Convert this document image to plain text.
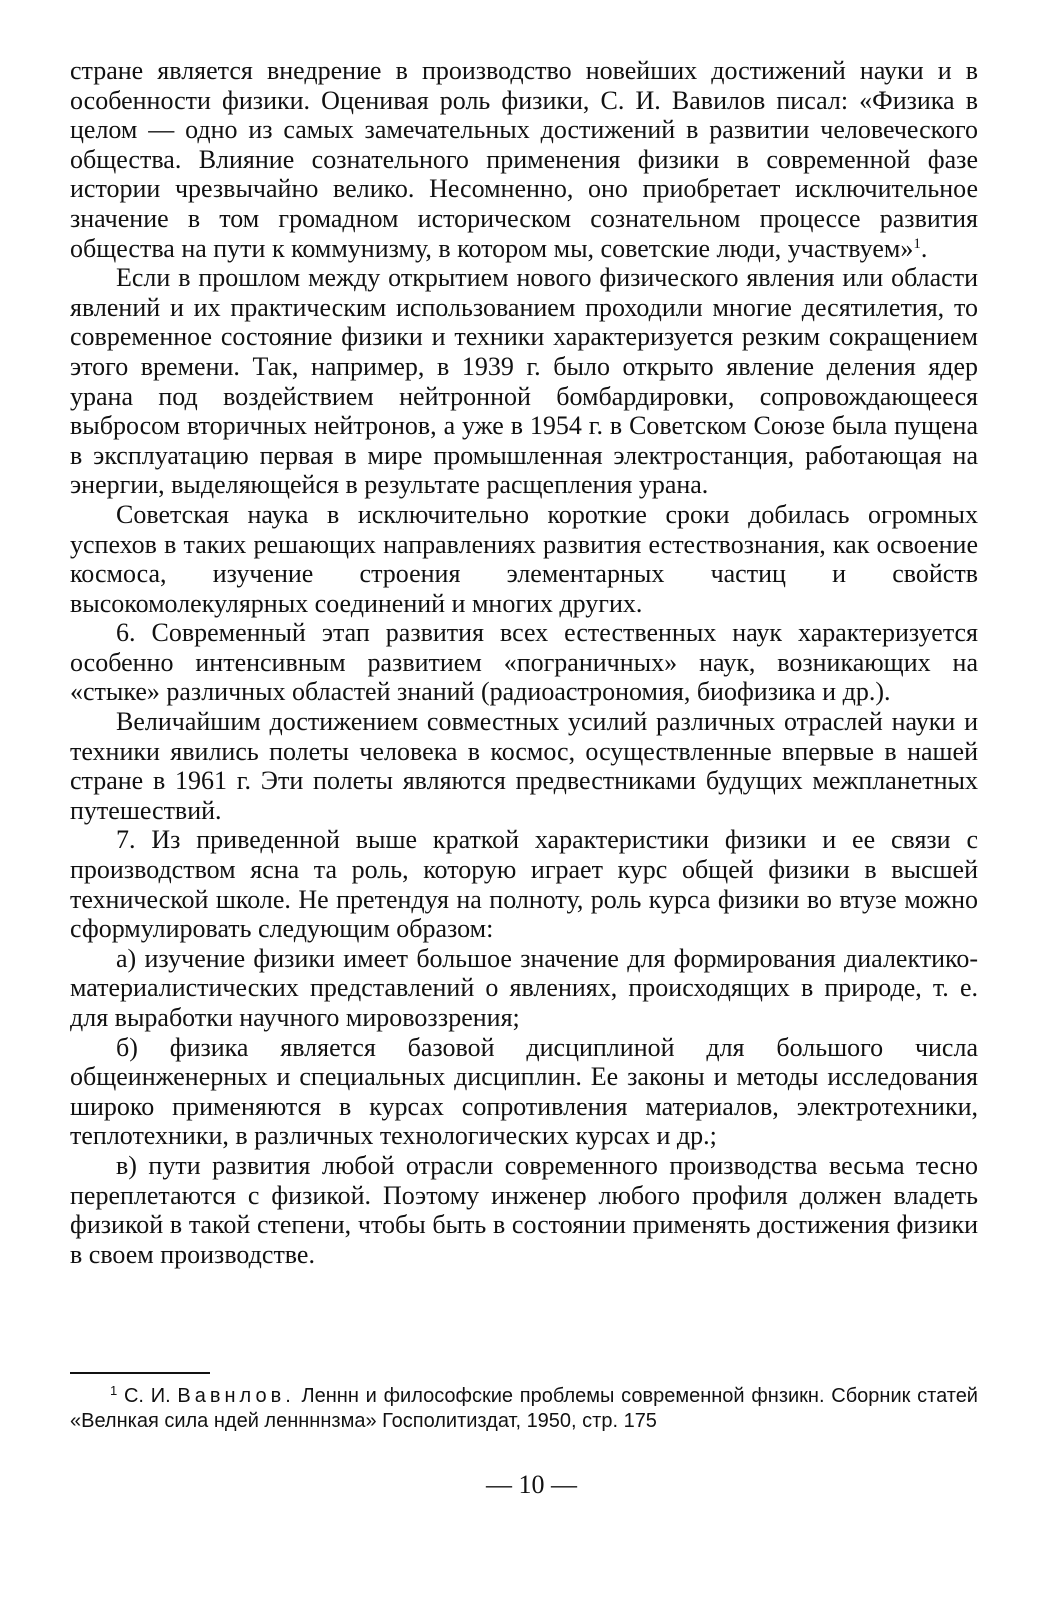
стране является внедрение в производство новейших достижений науки и в особенности физики. Оценивая роль физики, С. И. Вавилов писал: «Физика в целом — одно из самых замечательных достижений в развитии человеческого общества. Влияние сознательного применения физики в современной фазе истории чрезвычайно велико. Несомненно, оно приобретает исключительное значение в том громадном историческом сознательном процессе развития общества на пути к коммунизму, в котором мы, советские люди, участвуем»$^1$.

Если в прошлом между открытием нового физического явления или области явлений и их практическим использованием проходили многие десятилетия, то современное состояние физики и техники характеризуется резким сокращением этого времени. Так, например, в 1939 г. было открыто явление деления ядер урана под воздействием нейтронной бомбардировки, сопровождающееся выбросом вторичных нейтронов, а уже в 1954 г. в Советском Союзе была пущена в эксплуатацию первая в мире промышленная электростанция, работающая на энергии, выделяющейся в результате расщепления урана.

Советская наука в исключительно короткие сроки добилась огромных успехов в таких решающих направлениях развития естествознания, как освоение космоса, изучение строения элементарных частиц и свойств высокомолекулярных соединений и многих других.

6. Современный этап развития всех естественных наук характеризуется особенно интенсивным развитием «пограничных» наук, возникающих на «стыке» различных областей знаний (радиоастрономия, биофизика и др.).

Величайшим достижением совместных усилий различных отраслей науки и техники явились полеты человека в космос, осуществленные впервые в нашей стране в 1961 г. Эти полеты являются предвестниками будущих межпланетных путешествий.

7. Из приведенной выше краткой характеристики физики и ее связи с производством ясна та роль, которую играет курс общей физики в высшей технической школе. Не претендуя на полноту, роль курса физики во втузе можно сформулировать следующим образом:

а) изучение физики имеет большое значение для формирования диалектико-материалистических представлений о явлениях, происходящих в природе, т. е. для выработки научного мировоззрения;

б) физика является базовой дисциплиной для большого числа общеинженерных и специальных дисциплин. Ее законы и методы исследования широко применяются в курсах сопротивления материалов, электротехники, теплотехники, в различных технологических курсах и др.;

в) пути развития любой отрасли современного производства весьма тесно переплетаются с физикой. Поэтому инженер любого профиля должен владеть физикой в такой степени, чтобы быть в состоянии применять достижения физики в своем производстве.

$^1$ С. И. Вавнлов. Леннн и философские проблемы современной фнзикн. Сборник статей «Велнкая сила ндей леннннзма» Госполитиздат, 1950, стр. 175

— 10 —
